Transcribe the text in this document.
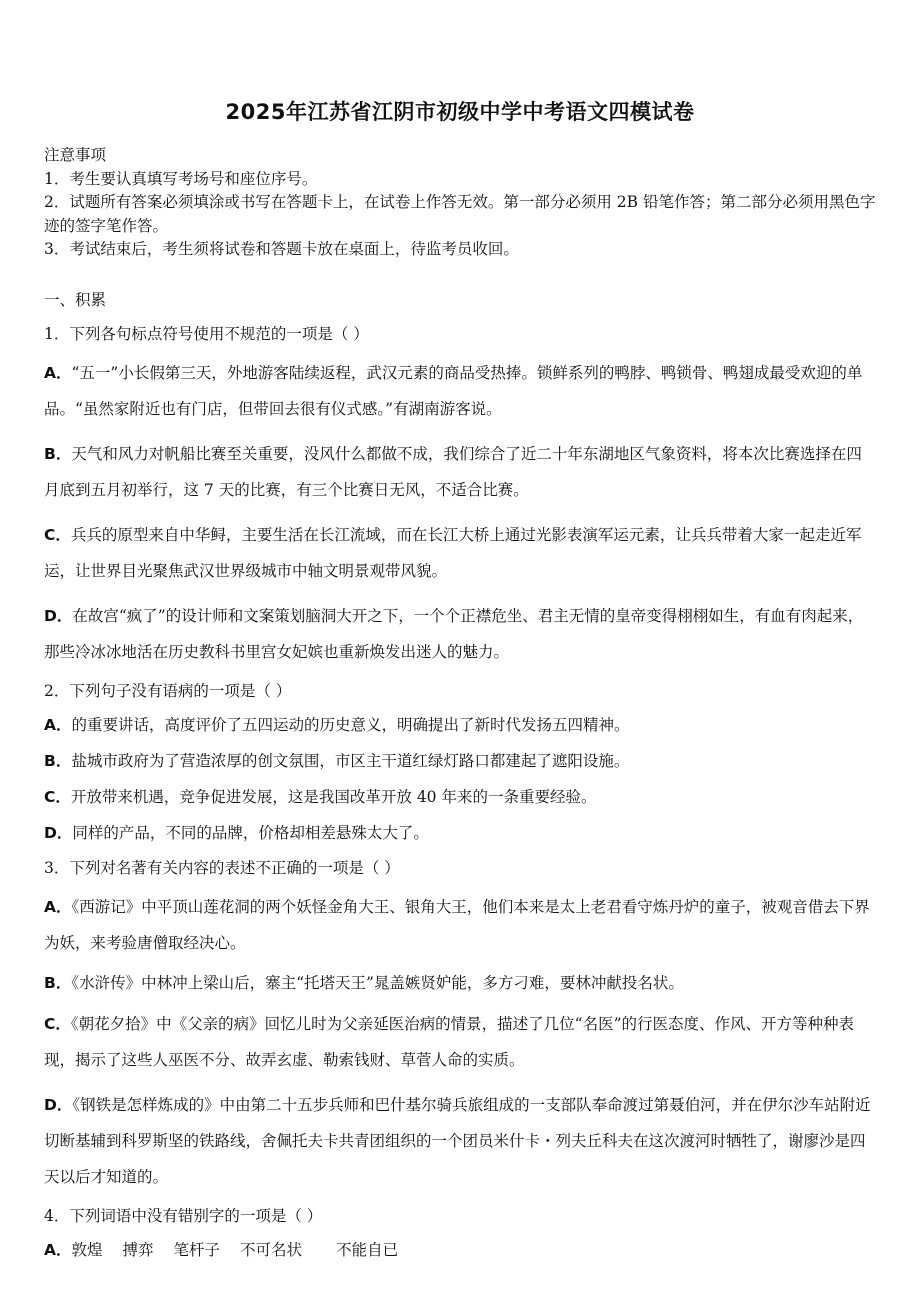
2025年江苏省江阴市初级中学中考语文四模试卷

注意事项

1．考生要认真填写考场号和座位序号。

2．试题所有答案必须填涂或书写在答题卡上，在试卷上作答无效。第一部分必须用 2B 铅笔作答；第二部分必须用黑色字迹的签字笔作答。

3．考试结束后，考生须将试卷和答题卡放在桌面上，待监考员收回。

一、积累

1．下列各句标点符号使用不规范的一项是（ ）

A．“五一”小长假第三天，外地游客陆续返程，武汉元素的商品受热捧。锁鲜系列的鸭脖、鸭锁骨、鸭翅成最受欢迎的单品。“虽然家附近也有门店，但带回去很有仪式感。”有湖南游客说。

B．天气和风力对帆船比赛至关重要，没风什么都做不成，我们综合了近二十年东湖地区气象资料，将本次比赛选择在四月底到五月初举行，这 7 天的比赛，有三个比赛日无风，不适合比赛。

C．兵兵的原型来自中华鲟，主要生活在长江流域，而在长江大桥上通过光影表演军运元素，让兵兵带着大家一起走近军运，让世界目光聚焦武汉世界级城市中轴文明景观带风貌。

D．在故宫“疯了”的设计师和文案策划脑洞大开之下，一个个正襟危坐、君主无情的皇帝变得栩栩如生，有血有肉起来，那些冷冰冰地活在历史教科书里宫女妃嫔也重新焕发出迷人的魅力。

2．下列句子没有语病的一项是（ ）

A．的重要讲话，高度评价了五四运动的历史意义，明确提出了新时代发扬五四精神。

B．盐城市政府为了营造浓厚的创文氛围，市区主干道红绿灯路口都建起了遮阳设施。

C．开放带来机遇，竞争促进发展，这是我国改革开放 40 年来的一条重要经验。

D．同样的产品，不同的品牌，价格却相差悬殊太大了。

3．下列对名著有关内容的表述不正确的一项是（ ）

A．《西游记》中平顶山莲花洞的两个妖怪金角大王、银角大王，他们本来是太上老君看守炼丹炉的童子，被观音借去下界为妖，来考验唐僧取经决心。

B．《水浒传》中林冲上梁山后，寨主“托塔天王”晁盖嫉贤妒能，多方刁难，要林冲献投名状。

C．《朝花夕拾》中《父亲的病》回忆儿时为父亲延医治病的情景，描述了几位“名医”的行医态度、作风、开方等种种表现，揭示了这些人巫医不分、故弄玄虚、勒索钱财、草菅人命的实质。

D．《钢铁是怎样炼成的》中由第二十五步兵师和巴什基尔骑兵旅组成的一支部队奉命渡过第聂伯河，并在伊尔沙车站附近切断基辅到科罗斯坚的铁路线，舍佩托夫卡共青团组织的一个团员米什卡・列夫丘科夫在这次渡河时牺牲了，谢廖沙是四天以后才知道的。

4．下列词语中没有错别字的一项是（ ）

A．敦煌 搏弈 笔杆子 不可名状 不能自已
